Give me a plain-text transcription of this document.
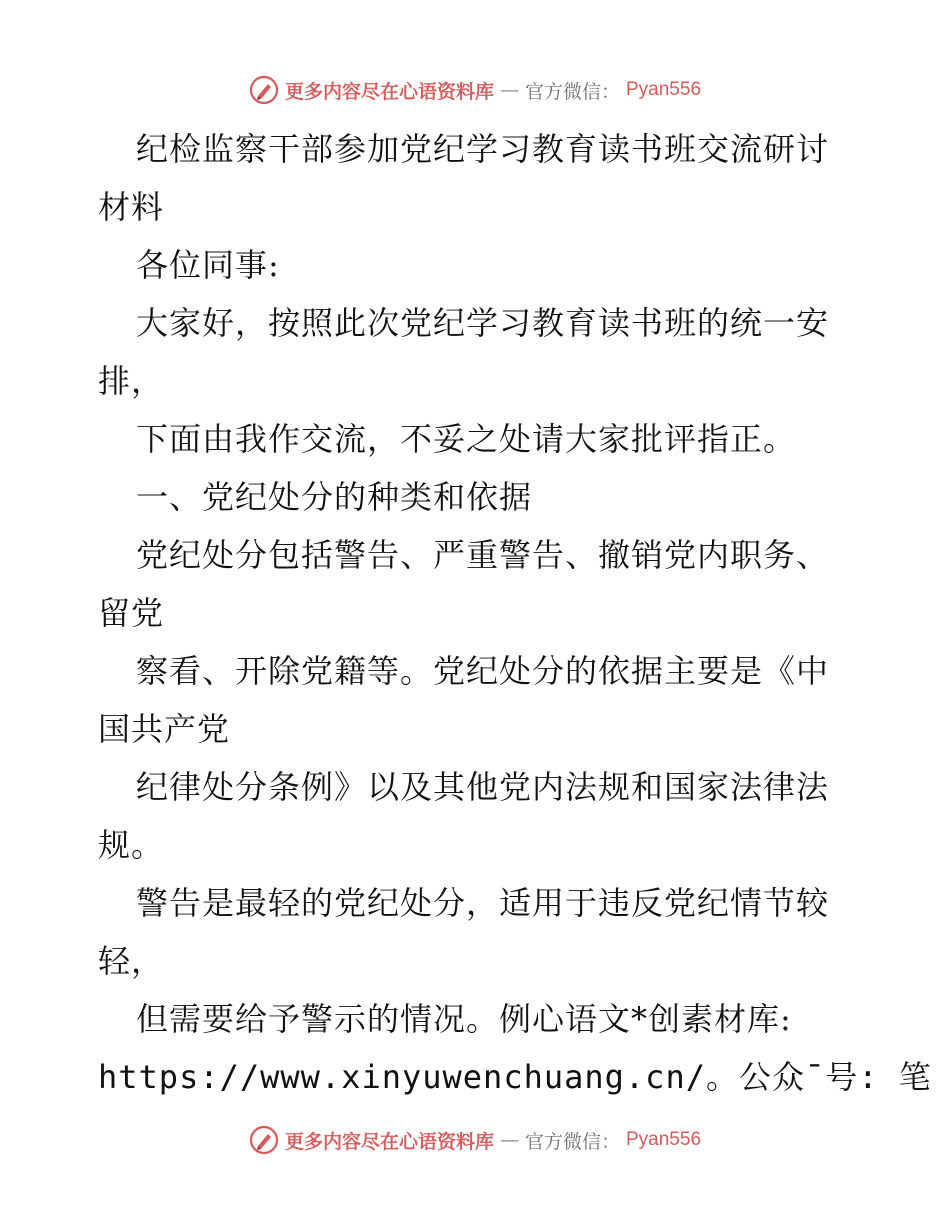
更多内容尽在心语资料库 — 官方微信： Pyan556
纪检监察干部参加党纪学习教育读书班交流研讨
材料
各位同事:
大家好，按照此次党纪学习教育读书班的统一安
排，
下面由我作交流，不妥之处请大家批评指正。
一、党纪处分的种类和依据
党纪处分包括警告、严重警告、撤销党内职务、
留党
察看、开除党籍等。党纪处分的依据主要是《中
国共产党
纪律处分条例》以及其他党内法规和国家法律法
规。
警告是最轻的党纪处分，适用于违反党纪情节较
轻，
但需要给予警示的情况。例心语文*创素材库:
https://www.xinyuwenchuang.cn/。公众¯号: 笔
更多内容尽在心语资料库 — 官方微信： Pyan556
